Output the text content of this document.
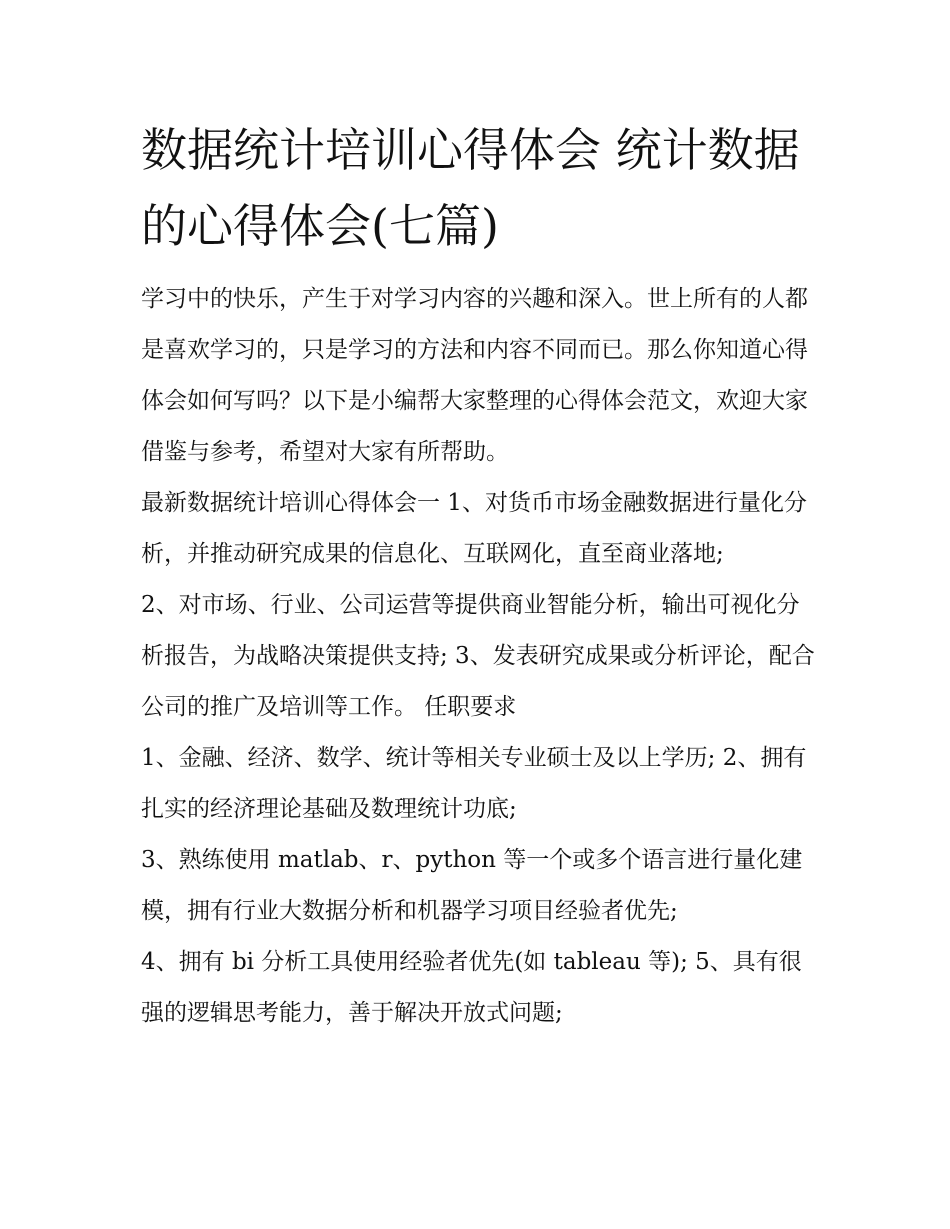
数据统计培训心得体会 统计数据的心得体会(七篇)

学习中的快乐，产生于对学习内容的兴趣和深入。世上所有的人都是喜欢学习的，只是学习的方法和内容不同而已。那么你知道心得体会如何写吗？以下是小编帮大家整理的心得体会范文，欢迎大家借鉴与参考，希望对大家有所帮助。

最新数据统计培训心得体会一 1、对货币市场金融数据进行量化分析，并推动研究成果的信息化、互联网化，直至商业落地;

2、对市场、行业、公司运营等提供商业智能分析，输出可视化分析报告，为战略决策提供支持; 3、发表研究成果或分析评论，配合公司的推广及培训等工作。 任职要求

1、金融、经济、数学、统计等相关专业硕士及以上学历; 2、拥有扎实的经济理论基础及数理统计功底;

3、熟练使用 matlab、r、python 等一个或多个语言进行量化建模，拥有行业大数据分析和机器学习项目经验者优先;

4、拥有 bi 分析工具使用经验者优先(如 tableau 等); 5、具有很强的逻辑思考能力，善于解决开放式问题;
